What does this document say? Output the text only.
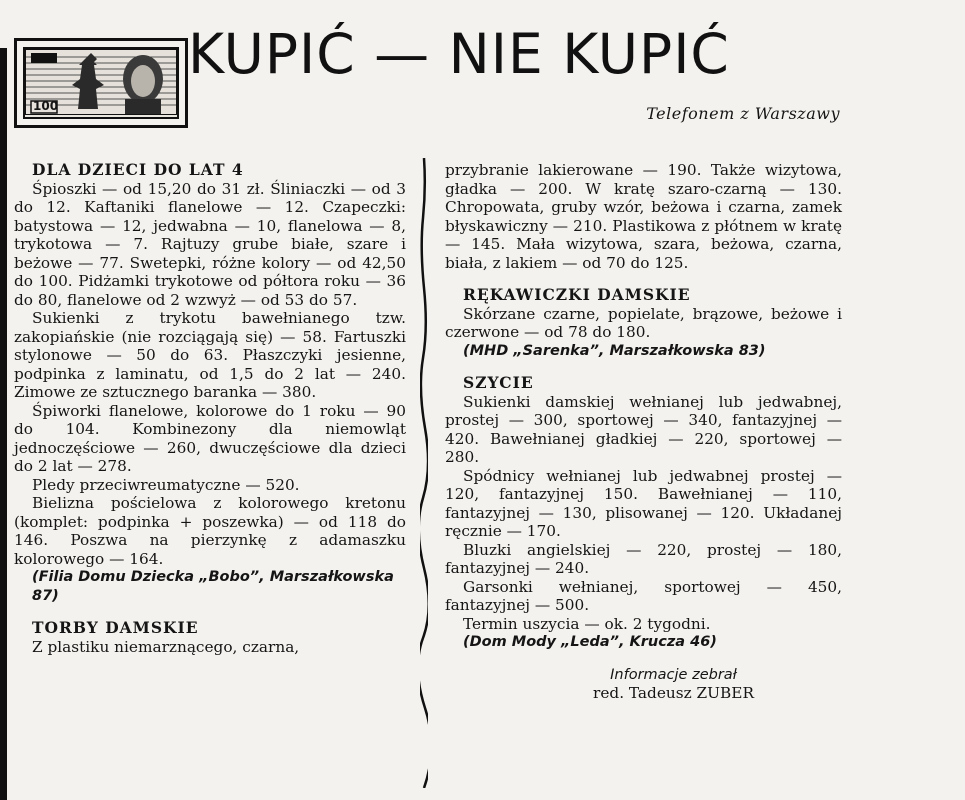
100
KUPIĆ — NIE KUPIĆ
Telefonem z Warszawy
DLA DZIECI DO LAT 4

Śpioszki — od 15,20 do 31 zł. Śliniaczki — od 3 do 12. Kaftaniki flanelowe — 12. Czapeczki: batystowa — 12, jedwabna — 10, flanelowa — 8, trykotowa — 7. Rajtuzy grube białe, szare i beżowe — 77. Swetерki, różne kolory — od 42,50 do 100. Pidżamki trykotowe od półtora roku — 36 do 80, flanelowe od 2 wzwyż — od 53 do 57.

Sukienki z trykotu bawełnianego tzw. zakopiańskie (nie rozciągają się) — 58. Fartuszki stylonowe — 50 do 63. Płaszczyki jesienne, podpinka z laminatu, od 1,5 do 2 lat — 240. Zimowe ze sztucznego baranka — 380.

Śpiworki flanelowe, kolorowe do 1 roku — 90 do 104. Kombinezony dla niemowląt jednoczęściowe — 260, dwuczęściowe dla dzieci do 2 lat — 278.

Pledy przeciwreumatyczne — 520.

Bielizna pościelowa z kolorowego kretonu (komplet: podpinka + poszewka) — od 118 do 146. Poszwa na pierzynkę z adamaszku kolorowego — 164.

(Filia Domu Dziecka „Bobo”, Marszałkowska 87)

TORBY DAMSKIE

Z plastiku niemarznącego, czarna,

przybranie lakierowane — 190. Także wizytowa, gładka — 200. W kratę szaro-czarną — 130. Chropowata, gruby wzór, beżowa i czarna, zamek błyskawiczny — 210. Plastikowa z płótnem w kratę — 145. Mała wizytowa, szara, beżowa, czarna, biała, z lakiem — od 70 do 125.

RĘKAWICZKI DAMSKIE

Skórzane czarne, popielate, brązowe, beżowe i czerwone — od 78 do 180.

(MHD „Sarenka”, Marszałkowska 83)

SZYCIE

Sukienki damskiej wełnianej lub jedwabnej, prostej — 300, sportowej — 340, fantazyjnej — 420. Bawełnianej gładkiej — 220, sportowej — 280.

Spódnicy wełnianej lub jedwabnej prostej — 120, fantazyjnej 150. Bawełnianej — 110, fantazyjnej — 130, plisowanej — 120. Układanej ręcznie — 170.

Bluzki angielskiej — 220, prostej — 180, fantazyjnej — 240.

Garsonki wełnianej, sportowej — 450, fantazyjnej — 500.

Termin uszycia — ok. 2 tygodni.

(Dom Mody „Leda”, Krucza 46)

Informacje zebrał
red. Tadeusz ZUBER
